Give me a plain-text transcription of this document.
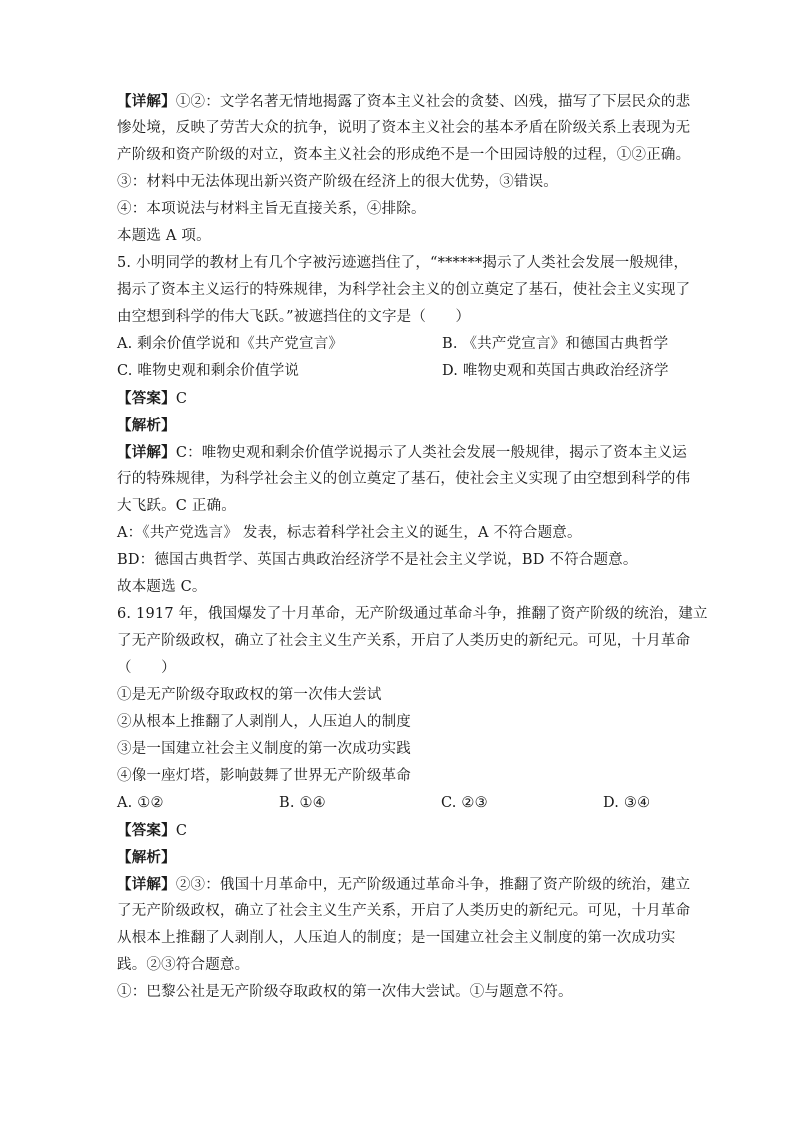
【详解】①②：文学名著无情地揭露了资本主义社会的贪婪、凶残，描写了下层民众的悲
惨处境，反映了劳苦大众的抗争，说明了资本主义社会的基本矛盾在阶级关系上表现为无
产阶级和资产阶级的对立，资本主义社会的形成绝不是一个田园诗般的过程，①②正确。
③：材料中无法体现出新兴资产阶级在经济上的很大优势，③错误。
④：本项说法与材料主旨无直接关系，④排除。
本题选 A 项。
5. 小明同学的教材上有几个字被污迹遮挡住了，“******揭示了人类社会发展一般规律，
揭示了资本主义运行的特殊规律，为科学社会主义的创立奠定了基石，使社会主义实现了
由空想到科学的伟大飞跃。”被遮挡住的文字是（　　）
A. 剩余价值学说和《共产党宣言》	B. 《共产党宣言》和德国古典哲学
C. 唯物史观和剩余价值学说	D. 唯物史观和英国古典政治经济学
【答案】C
【解析】
【详解】C：唯物史观和剩余价值学说揭示了人类社会发展一般规律，揭示了资本主义运
行的特殊规律，为科学社会主义的创立奠定了基石，使社会主义实现了由空想到科学的伟
大飞跃。C 正确。
A：《共产党选言》 发表，标志着科学社会主义的诞生，A 不符合题意。
BD：德国古典哲学、英国古典政治经济学不是社会主义学说，BD 不符合题意。
故本题选 C。
6. 1917 年，俄国爆发了十月革命，无产阶级通过革命斗争，推翻了资产阶级的统治，建立
了无产阶级政权，确立了社会主义生产关系，开启了人类历史的新纪元。可见，十月革命
（　　）
①是无产阶级夺取政权的第一次伟大尝试
②从根本上推翻了人剥削人，人压迫人的制度
③是一国建立社会主义制度的第一次成功实践
④像一座灯塔，影响鼓舞了世界无产阶级革命
A. ①②	B. ①④	C. ②③	D. ③④
【答案】C
【解析】
【详解】②③：俄国十月革命中，无产阶级通过革命斗争，推翻了资产阶级的统治，建立
了无产阶级政权，确立了社会主义生产关系，开启了人类历史的新纪元。可见，十月革命
从根本上推翻了人剥削人，人压迫人的制度；是一国建立社会主义制度的第一次成功实
践。②③符合题意。
①：巴黎公社是无产阶级夺取政权的第一次伟大尝试。①与题意不符。
